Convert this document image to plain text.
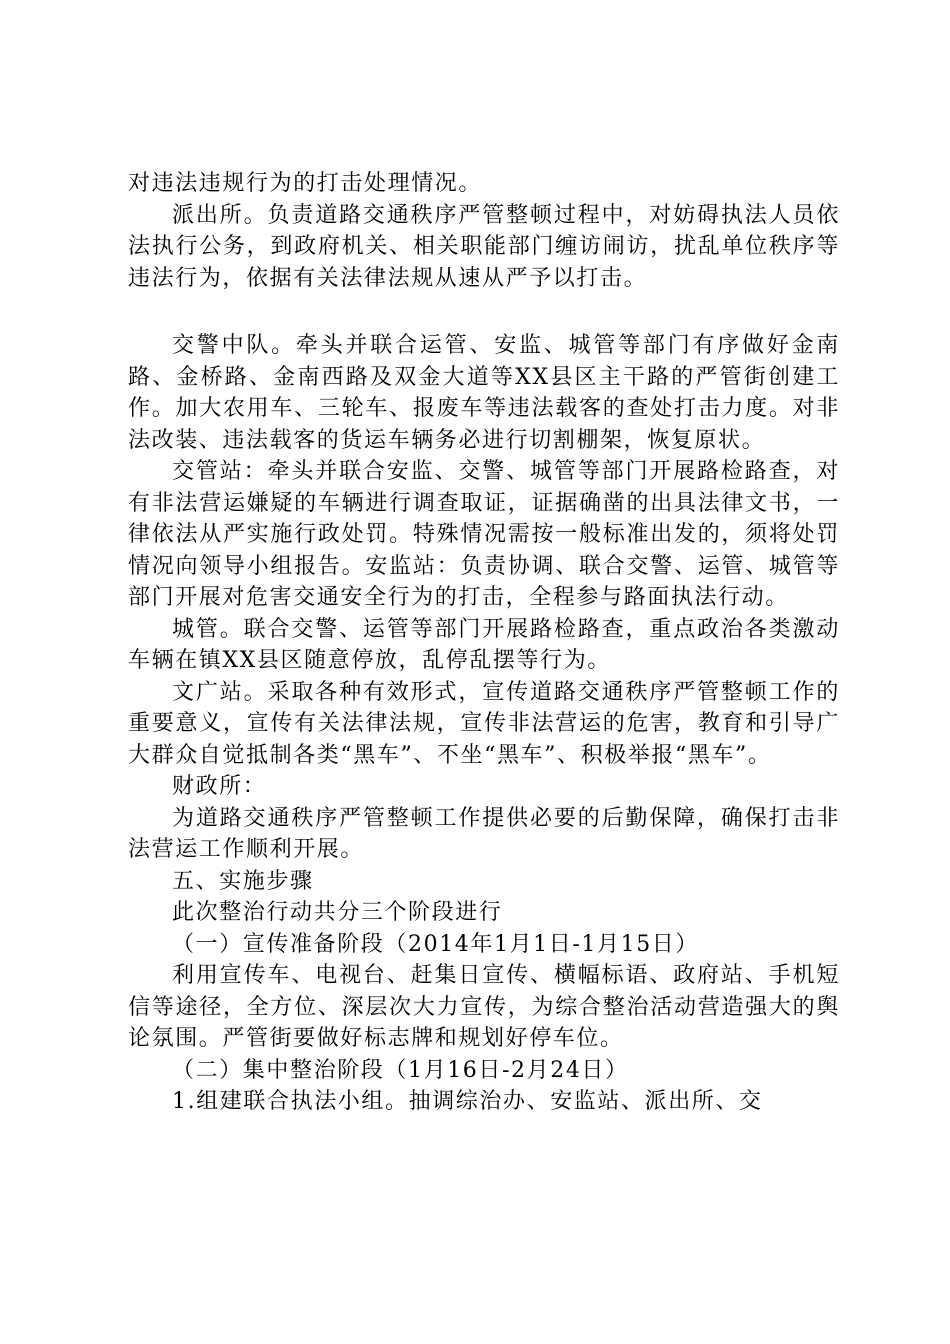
对违法违规行为的打击处理情况。

派出所。负责道路交通秩序严管整顿过程中，对妨碍执法人员依法执行公务，到政府机关、相关职能部门缠访闹访，扰乱单位秩序等违法行为，依据有关法律法规从速从严予以打击。

交警中队。牵头并联合运管、安监、城管等部门有序做好金南路、金桥路、金南西路及双金大道等XX县区主干路的严管街创建工作。加大农用车、三轮车、报废车等违法载客的查处打击力度。对非法改装、违法载客的货运车辆务必进行切割棚架，恢复原状。

交管站：牵头并联合安监、交警、城管等部门开展路检路查，对有非法营运嫌疑的车辆进行调查取证，证据确凿的出具法律文书，一律依法从严实施行政处罚。特殊情况需按一般标准出发的，须将处罚情况向领导小组报告。安监站：负责协调、联合交警、运管、城管等部门开展对危害交通安全行为的打击，全程参与路面执法行动。

城管。联合交警、运管等部门开展路检路查，重点政治各类激动车辆在镇XX县区随意停放，乱停乱摆等行为。

文广站。采取各种有效形式，宣传道路交通秩序严管整顿工作的重要意义，宣传有关法律法规，宣传非法营运的危害，教育和引导广大群众自觉抵制各类“黑车”、不坐“黑车”、积极举报“黑车”。

财政所：

为道路交通秩序严管整顿工作提供必要的后勤保障，确保打击非法营运工作顺利开展。

五、实施步骤

此次整治行动共分三个阶段进行

（一）宣传准备阶段（2014年1月1日-1月15日）

利用宣传车、电视台、赶集日宣传、横幅标语、政府站、手机短信等途径，全方位、深层次大力宣传，为综合整治活动营造强大的舆论氛围。严管街要做好标志牌和规划好停车位。

（二）集中整治阶段（1月16日-2月24日）

1.组建联合执法小组。抽调综治办、安监站、派出所、交
